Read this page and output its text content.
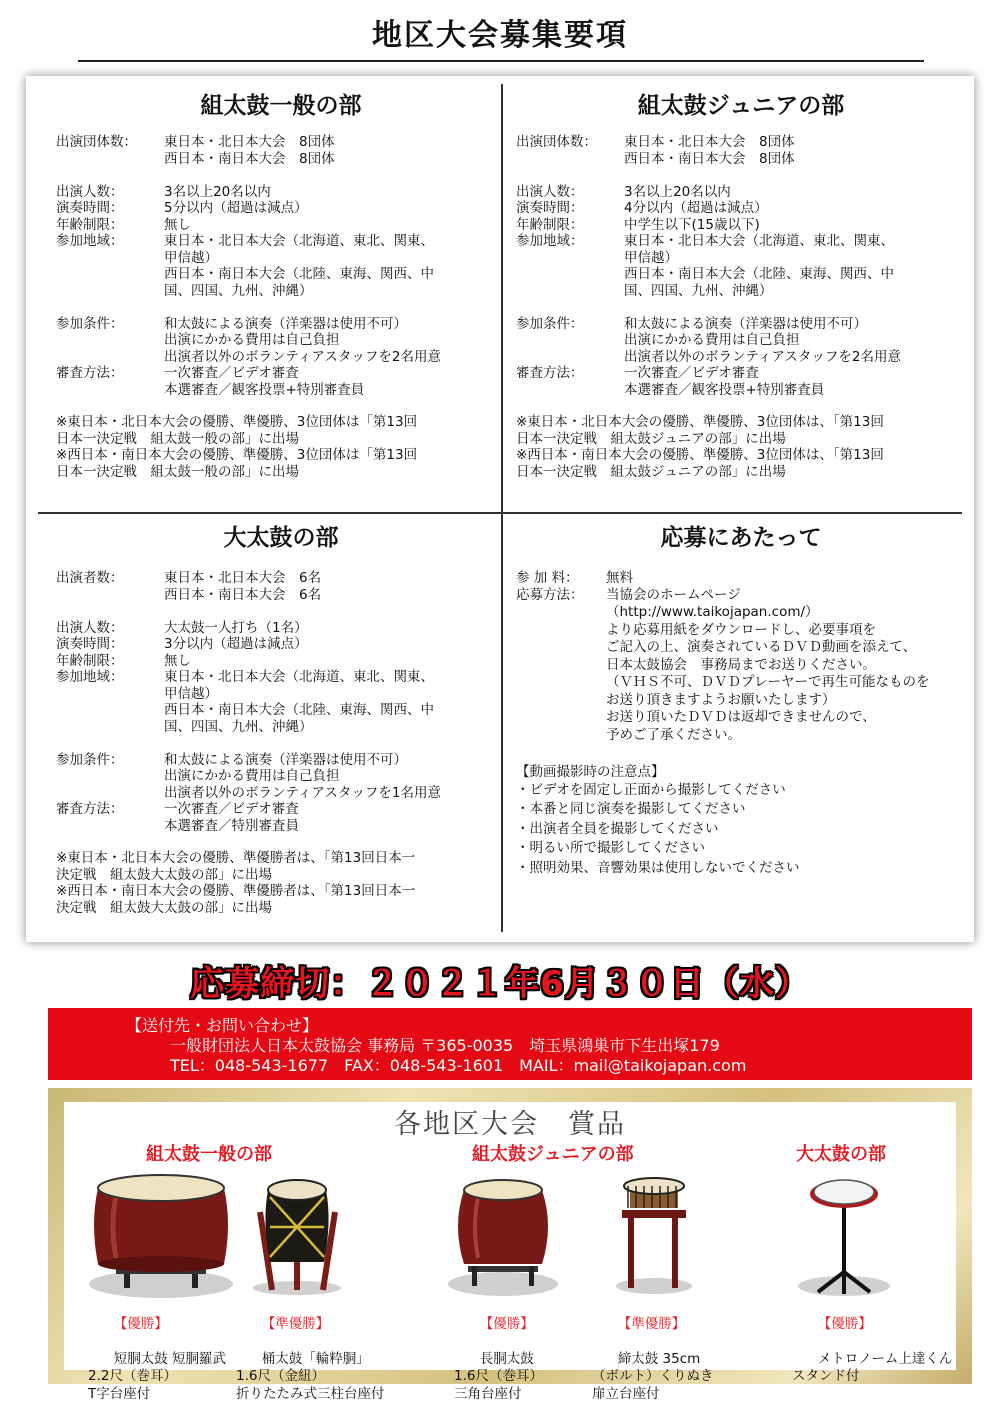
地区大会募集要項
組太鼓一般の部
出演団体数：	東日本・北日本大会　8団体
西日本・南日本大会　8団体
出演人数：	3名以上20名以内
演奏時間：	5分以内（超過は減点）
年齢制限：	無し
参加地域：	東日本・北日本大会（北海道、東北、関東、
甲信越）
西日本・南日本大会（北陸、東海、関西、中
国、四国、九州、沖縄）
参加条件：	和太鼓による演奏（洋楽器は使用不可）
出演にかかる費用は自己負担
出演者以外のボランティアスタッフを2名用意
審査方法：	一次審査／ビデオ審査
本選審査／観客投票+特別審査員
※東日本・北日本大会の優勝、準優勝、3位団体は「第13回
日本一決定戦　組太鼓一般の部」に出場
※西日本・南日本大会の優勝、準優勝、3位団体は「第13回
日本一決定戦　組太鼓一般の部」に出場
組太鼓ジュニアの部
出演団体数：	東日本・北日本大会　8団体
西日本・南日本大会　8団体
出演人数：	3名以上20名以内
演奏時間：	4分以内（超過は減点）
年齢制限：	中学生以下(15歳以下)
参加地域：	東日本・北日本大会（北海道、東北、関東、
甲信越）
西日本・南日本大会（北陸、東海、関西、中
国、四国、九州、沖縄）
参加条件：	和太鼓による演奏（洋楽器は使用不可）
出演にかかる費用は自己負担
出演者以外のボランティアスタッフを2名用意
審査方法：	一次審査／ビデオ審査
本選審査／観客投票+特別審査員
※東日本・北日本大会の優勝、準優勝、3位団体は、「第13回
日本一決定戦　組太鼓ジュニアの部」に出場
※西日本・南日本大会の優勝、準優勝、3位団体は、「第13回
日本一決定戦　組太鼓ジュニアの部」に出場
大太鼓の部
出演者数：	東日本・北日本大会　6名
西日本・南日本大会　6名
出演人数：	大太鼓一人打ち（1名）
演奏時間：	3分以内（超過は減点）
年齢制限：	無し
参加地域：	東日本・北日本大会（北海道、東北、関東、
甲信越）
西日本・南日本大会（北陸、東海、関西、中
国、四国、九州、沖縄）
参加条件：	和太鼓による演奏（洋楽器は使用不可）
出演にかかる費用は自己負担
出演者以外のボランティアスタッフを1名用意
審査方法：	一次審査／ビデオ審査
本選審査／特別審査員
※東日本・北日本大会の優勝、準優勝者は、「第13回日本一
決定戦　組太鼓大太鼓の部」に出場
※西日本・南日本大会の優勝、準優勝者は、「第13回日本一
決定戦　組太鼓大太鼓の部」に出場
応募にあたって
参 加 料：	無料
応募方法：	当協会のホームページ
（http://www.taikojapan.com/）
より応募用紙をダウンロードし、必要事項を
ご記入の上、演奏されているＤＶＤ動画を添えて、
日本太鼓協会　事務局までお送りください。
（ＶＨＳ不可、ＤＶＤプレーヤーで再生可能なものを
お送り頂きますようお願いたします）
お送り頂いたＤＶＤは返却できませんので、
予めご了承ください。
【動画撮影時の注意点】
・ビデオを固定し正面から撮影してください
・本番と同じ演奏を撮影してください
・出演者全員を撮影してください
・明るい所で撮影してください
・照明効果、音響効果は使用しないでください
応募締切：２０２１年6月３０日（水）
【送付先・お問い合わせ】
一般財団法人日本太鼓協会 事務局 〒365-0035　埼玉県鴻巣市下生出塚179
TEL：048-543-1677　FAX：048-543-1601　MAIL：mail@taikojapan.com
各地区大会　賞品
組太鼓一般の部	組太鼓ジュニアの部	大太鼓の部

【優勝】

短胴太鼓 短胴羅武
2.2尺（巻耳）
T字台座付

【準優勝】

桶太鼓「輪粋胴」
1.6尺（金紐）
折りたたみ式三柱台座付

【優勝】

長胴太鼓
1.6尺（巻耳）
三角台座付

【準優勝】

締太鼓 35cm
（ボルト）くりぬき
扉立台座付

【優勝】

メトロノーム上達くん
スタンド付
